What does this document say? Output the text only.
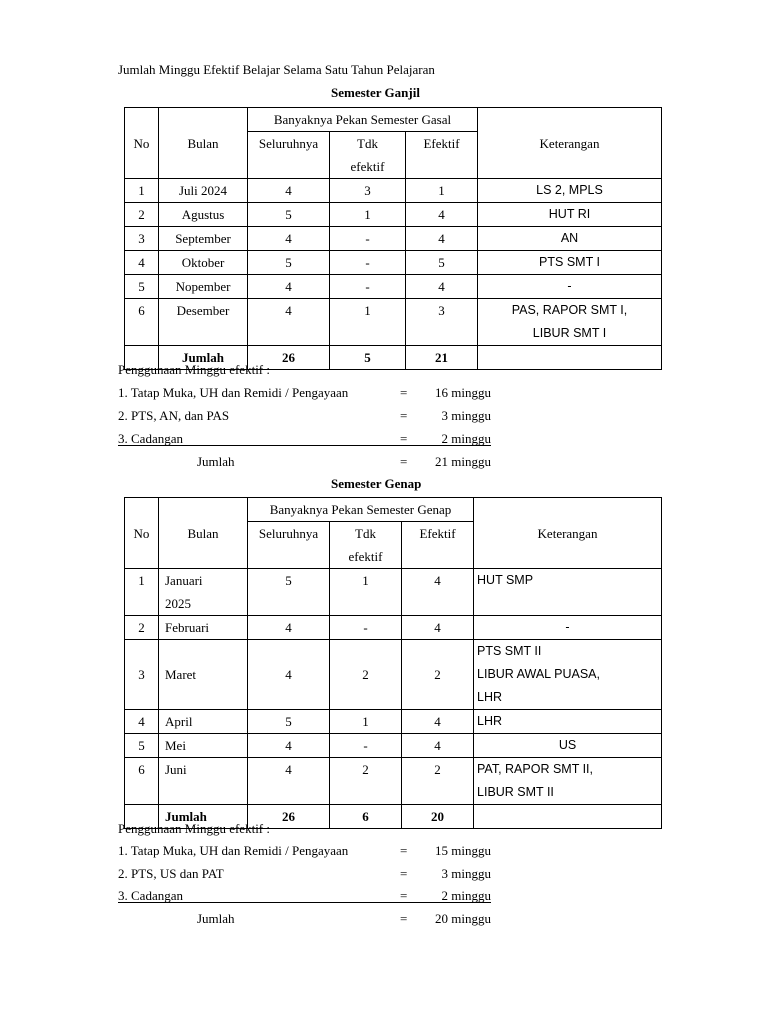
Jumlah Minggu Efektif Belajar Selama Satu Tahun Pelajaran
Semester Ganjil
No	Bulan	Banyaknya Pekan Semester Gasal			Keterangan
		Seluruhnya	Tdk
efektif	Efektif	
1	Juli 2024	4	3	1	LS 2, MPLS
2	Agustus	5	1	4	HUT RI
3	September	4	-	4	AN
4	Oktober	5	-	5	PTS SMT I
5	Nopember	4	-	4	-
6	Desember	4	1	3	PAS, RAPOR SMT I,
LIBUR SMT I
	Jumlah	26	5	21	
Penggunaan Minggu efektif :
1. Tatap Muka, UH dan Remidi / Pengayaan	= 16 minggu
2. PTS, AN, dan PAS	=	3 minggu
3. Cadangan	=	2 minggu
Jumlah	= 21 minggu
Semester Genap
No	Bulan	Banyaknya Pekan Semester Genap			Keterangan
		Seluruhnya	Tdk
efektif	Efektif	
1	Januari
2025	5	1	4	HUT SMP
2	Februari	4	-	4	-
3	Maret	4	2	2	PTS SMT II
LIBUR AWAL PUASA,
LHR
4	April	5	1	4	LHR
5	Mei	4	-	4	US
6	Juni	4	2	2	PAT, RAPOR SMT II,
LIBUR SMT II
	Jumlah	26	6	20	
Penggunaan Minggu efektif :
1. Tatap Muka, UH dan Remidi / Pengayaan	= 15 minggu
2. PTS, US dan PAT	=	3 minggu
3. Cadangan	=	2 minggu
Jumlah	= 20 minggu
